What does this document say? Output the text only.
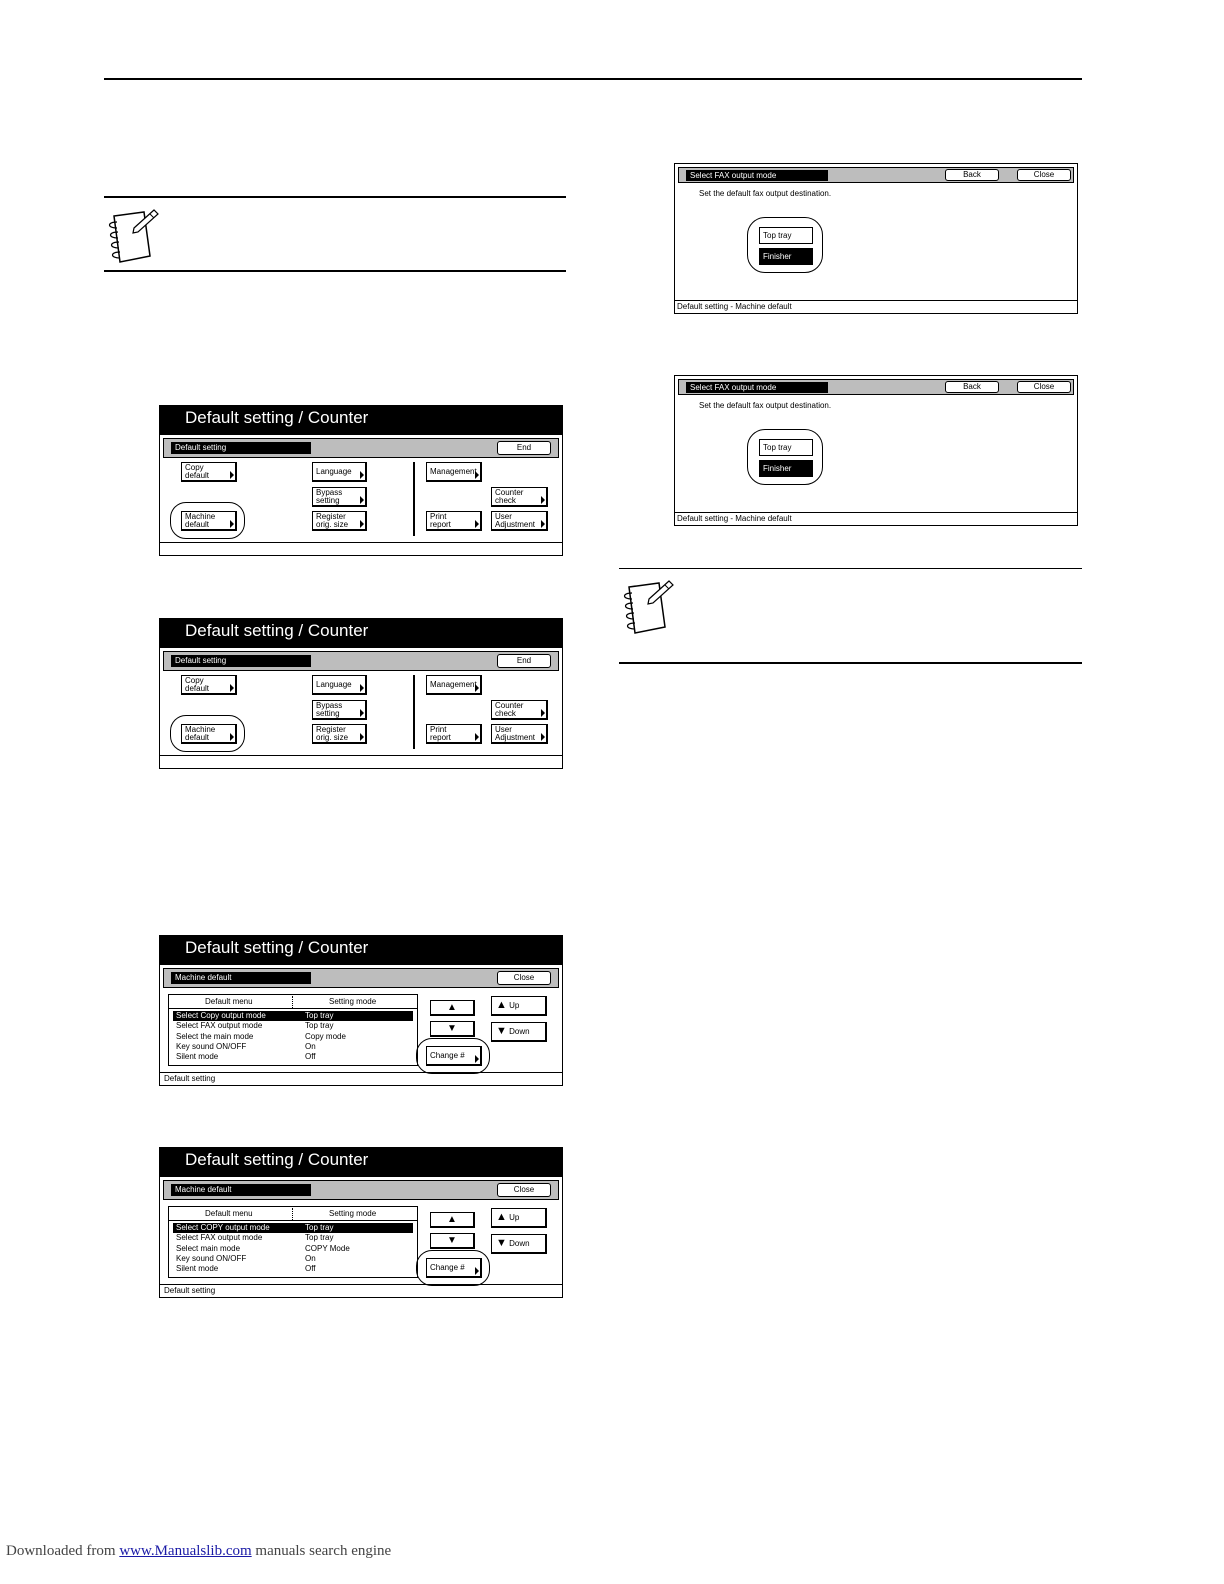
Default setting / Counter
Default setting	End
Copy
default
Machine
default
Language
Bypass
setting
Register
orig. size
Management
Counter
check
Print
report
User
Adjustment
Default setting / Counter
Default setting	End
Copy
default
Machine
default
Language
Bypass
setting
Register
orig. size
Management
Counter
check
Print
report
User
Adjustment
Default setting / Counter
Machine default	Close
Default menu	Setting mode
Select Copy output mode	Top tray
Select FAX output mode	Top tray
Select the main mode	Copy mode
Key sound ON/OFF	On
Silent mode	Off
▲
▼
▲ Up
▼ Down
Change #
Default setting
Default setting / Counter
Machine default	Close
Default menu	Setting mode
Select COPY output mode	Top tray
Select FAX output mode	Top tray
Select main mode	COPY Mode
Key sound ON/OFF	On
Silent mode	Off
▲
▼
▲ Up
▼ Down
Change #
Default setting
Select FAX output mode	Back	Close
Set the default fax output destination.
Top tray
Finisher
Default setting - Machine default
Select FAX output mode	Back	Close
Set the default fax output destination.
Top tray
Finisher
Default setting - Machine default
Downloaded from www.Manualslib.com manuals search engine
